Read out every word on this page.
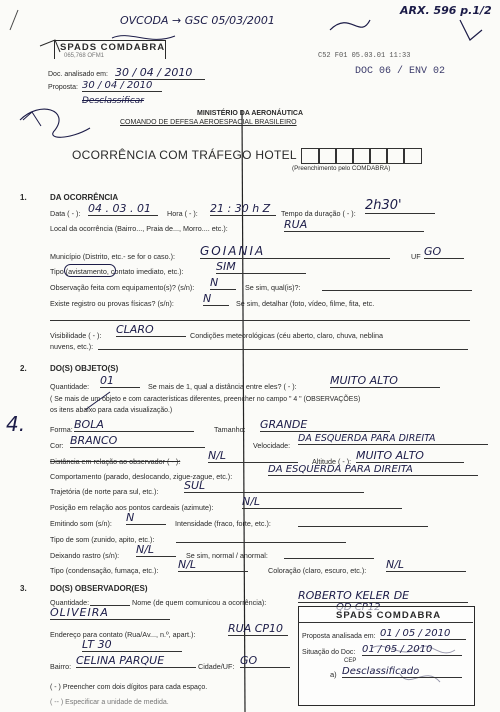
OVCODA → GSC 05/03/2001
ARX. 596 p.1/2
C52 F01 05.03.01 11:33
DOC 06 / ENV 02
SPADS COMDABRA
065,768 OFM1
Doc. analisado em: 30 / 04 / 2010
Proposta: 30 / 04 / 2010
Desclassificar
MINISTÉRIO DA AERONÁUTICA
COMANDO DE DEFESA AEROESPACIAL BRASILEIRO
OCORRÊNCIA COM TRÁFEGO HOTEL
(Preenchimento pelo COMDABRA)
1.	DA OCORRÊNCIA
Data ( - ): 04 . 03 . 01	Hora ( - ): 21 : 30 h Z	Tempo da duração ( - ):
2h30'
Local da ocorrência (Bairro..., Praia de..., Morro.... etc.):	RUA
Município (Distrito, etc.- se for o caso.): GOIANIA	UF GO
Tipo (avistamento, contato imediato, etc.):	SIM
Observação feita com equipamento(s)? (s/n): N	Se sim, qual(is)?:
Existe registro ou provas físicas? (s/n):	N	Se sim, detalhar (foto, vídeo, filme, fita, etc.
Visibilidade ( - ): CLARO	Condições meteorológicas (céu aberto, claro, chuva, neblina
nuvens, etc.):
2.	DO(S) OBJETO(S)
Quantidade: 01	Se mais de 1, qual a distância entre eles? ( - ):	MUITO ALTO
( Se mais de um objeto e com características diferentes, preencher no campo " 4 " (OBSERVAÇÕES)
os itens abaixo para cada visualização.)
Forma: BOLA	Tamanho: GRANDE
Cor: BRANCO	Velocidade:
DA ESQUERDA PARA DIREITA
Distância em relação ao observador ( - ):	N/L	Altitude ( - ): MUITO ALTO
Comportamento (parado, deslocando, zigue-zague, etc.):
DA ESQUERDA PARA DIREITA
Trajetória (de norte para sul, etc.): SUL
Posição em relação aos pontos cardeais (azimute):	N/L
Emitindo som (s/n): N	Intensidade (fraco, forte, etc.):
Tipo de som (zunido, apito, etc.):
Deixando rastro (s/n): N/L	Se sim, normal / anormal:
Tipo (condensação, fumaça, etc.): N/L	Coloração (claro, escuro, etc.): N/L
3.	DO(S) OBSERVADOR(ES)
Quantidade:	Nome (de quem comunicou a ocorrência):
ROBERTO KELER DE
OLIVEIRA
Endereço para contato (Rua/Av..., n.º, apart.):	RUA CP10
LT 30
Bairro: CELINA PARQUE	Cidade/UF: GO
( - ) Preencher com dois dígitos para cada espaço.
( -- ) Especificar a unidade de medida.
SPADS COMDABRA
Proposta analisada em: 01 / 05 / 2010
Situação do Doc: 01 / 05 / 2010
CEP
a) Desclassificado
4.
